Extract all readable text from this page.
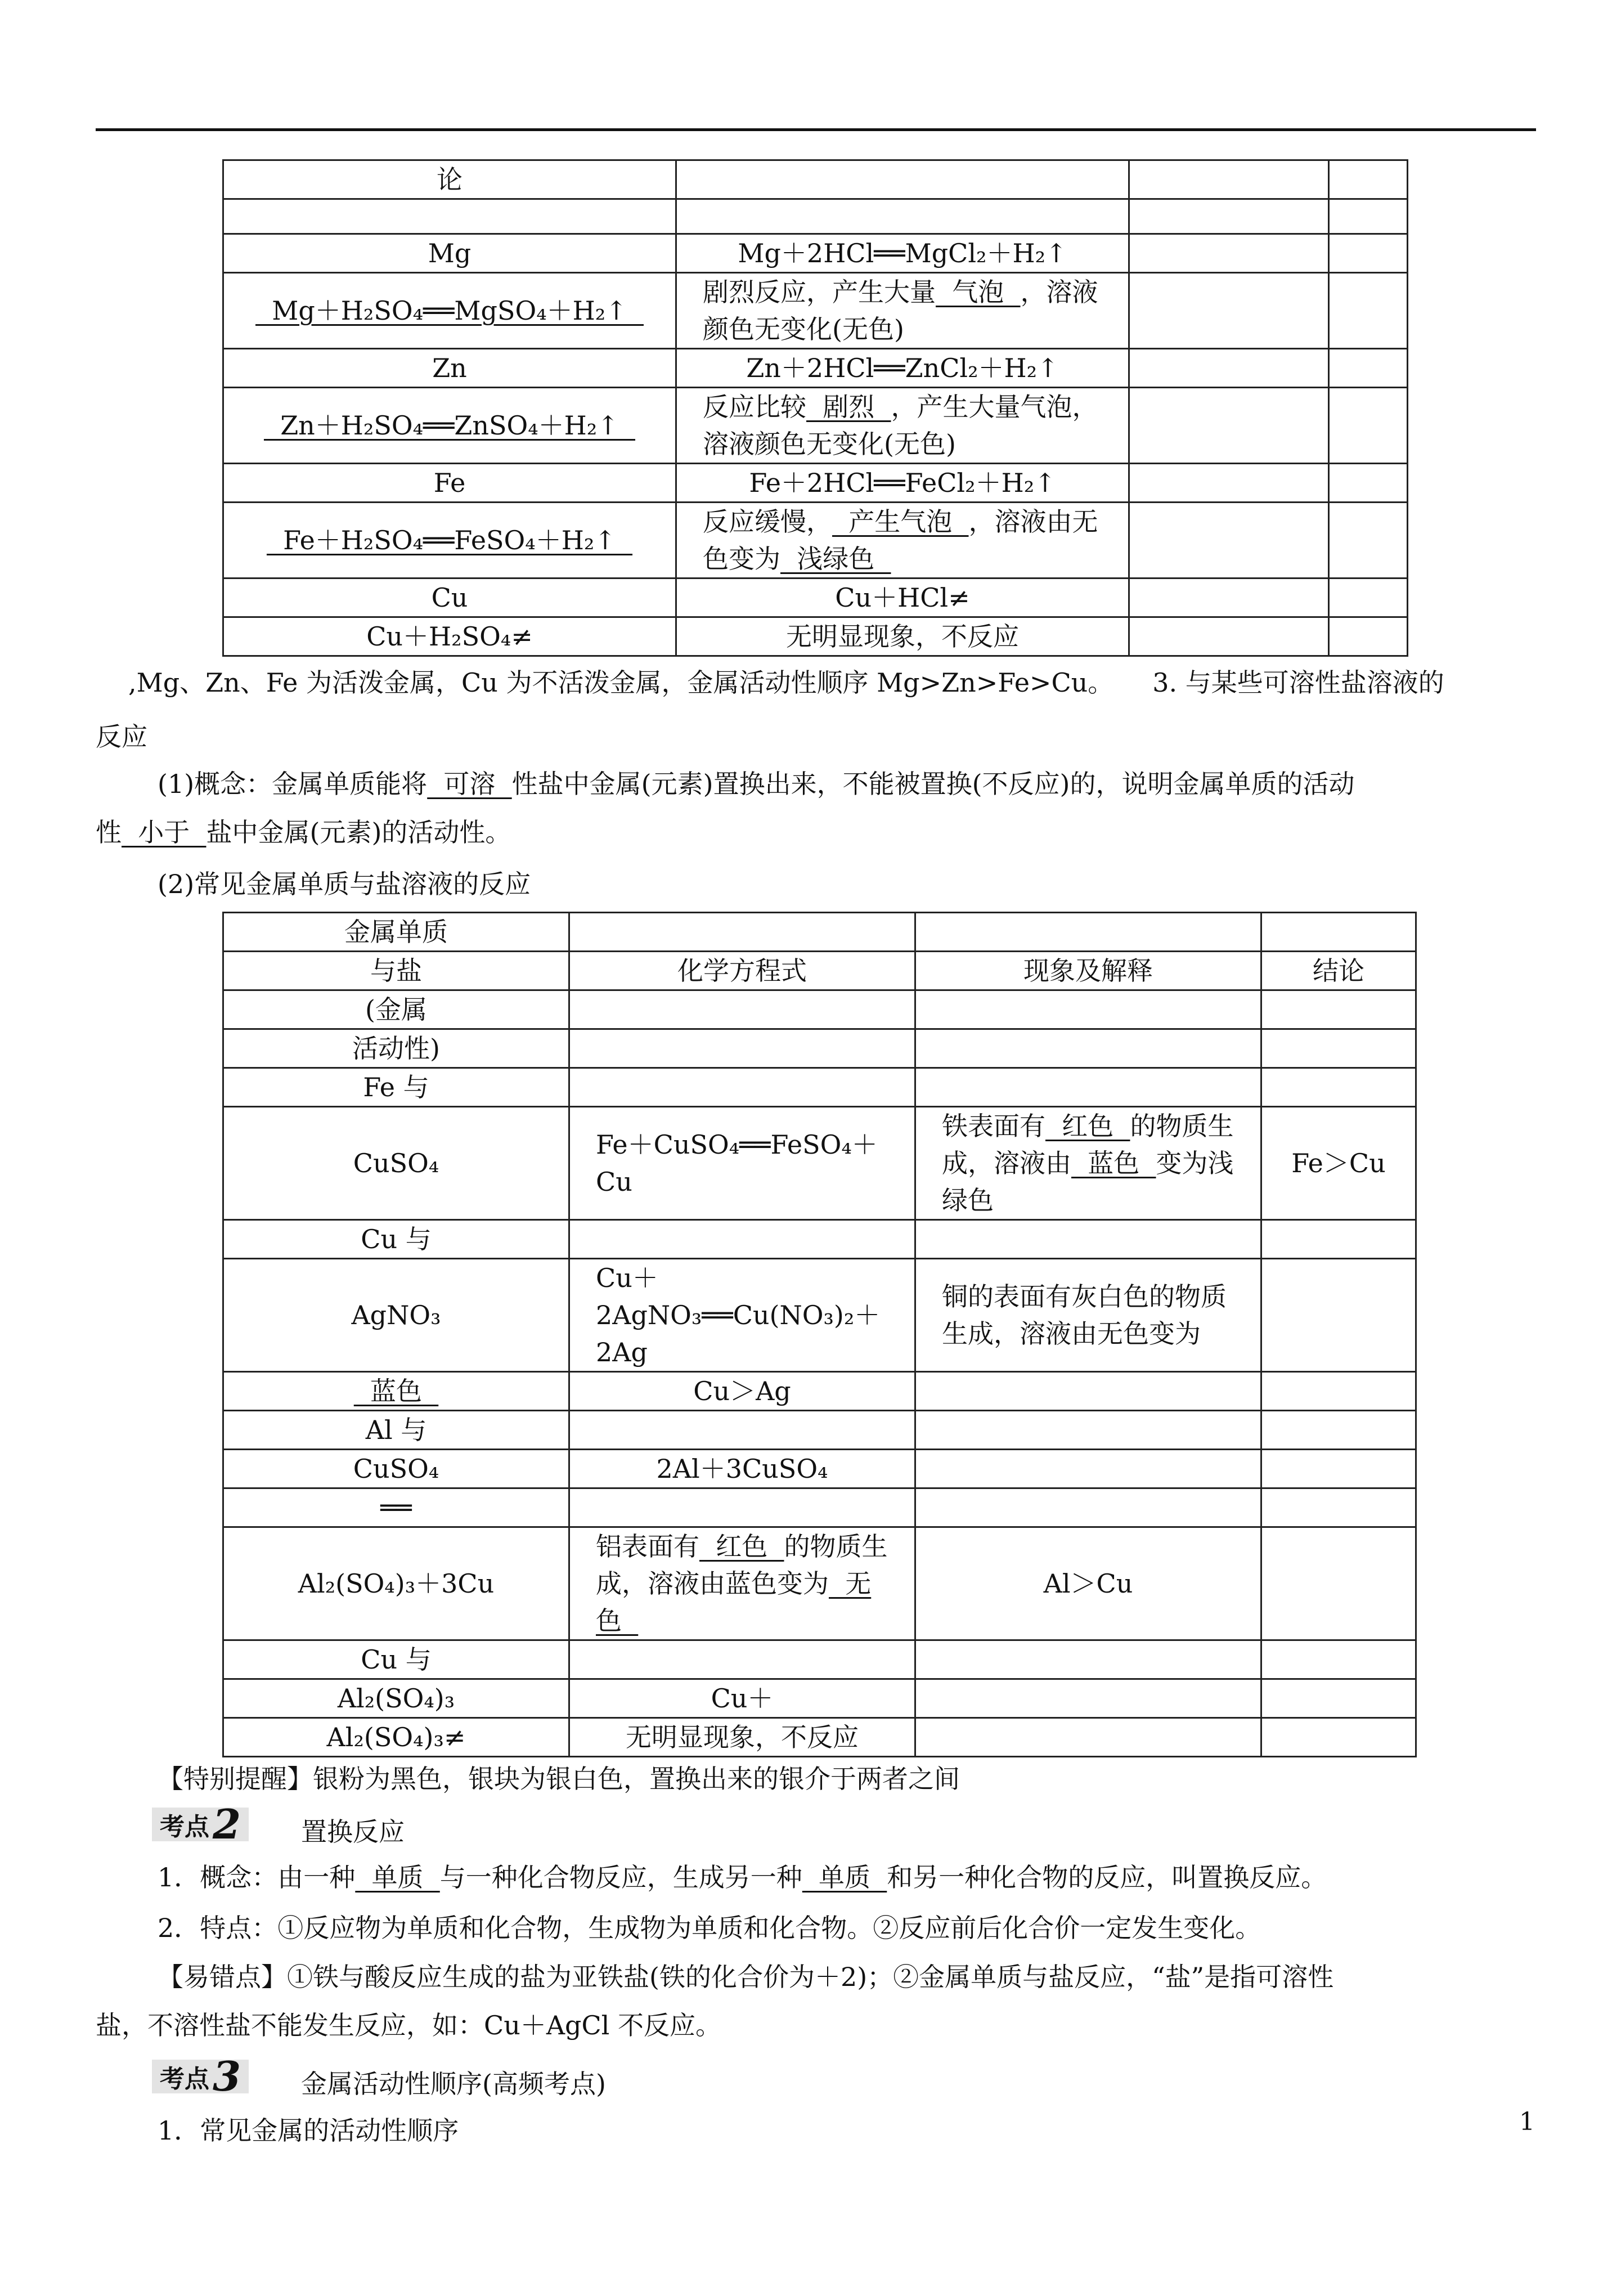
论			

Mg	Mg＋2HCl══MgCl₂＋H₂↑		
Mg＋H₂SO₄══MgSO₄＋H₂↑	剧烈反应，产生大量  气泡  ，溶液颜色无变化(无色)		
Zn	Zn＋2HCl══ZnCl₂＋H₂↑		
Zn＋H₂SO₄══ZnSO₄＋H₂↑	反应比较  剧烈  ，产生大量气泡，溶液颜色无变化(无色)		
Fe	Fe＋2HCl══FeCl₂＋H₂↑		
Fe＋H₂SO₄══FeSO₄＋H₂↑	反应缓慢，  产生气泡  ，溶液由无色变为  浅绿色		
Cu	Cu＋HCl≠		
Cu＋H₂SO₄≠	无明显现象，不反应		
,Mg、Zn、Fe 为活泼金属，Cu 为不活泼金属，金属活动性顺序 Mg>Zn>Fe>Cu。　　3. 与某些可溶性盐溶液的
反应
(1)概念：金属单质能将  可溶  性盐中金属(元素)置换出来，不能被置换(不反应)的，说明金属单质的活动
性  小于  盐中金属(元素)的活动性。
(2)常见金属单质与盐溶液的反应
金属单质			
与盐	化学方程式	现象及解释	结论
(金属			
活动性)			
Fe 与			
CuSO₄	Fe＋CuSO₄══FeSO₄＋Cu	铁表面有  红色  的物质生成，溶液由  蓝色  变为浅绿色	Fe＞Cu
Cu 与			
AgNO₃	Cu＋2AgNO₃══Cu(NO₃)₂＋2Ag	铜的表面有灰白色的物质生成，溶液由无色变为	
蓝色	Cu＞Ag		
Al 与			
CuSO₄	2Al＋3CuSO₄		
══			
Al₂(SO₄)₃＋3Cu	铝表面有  红色  的物质生成，溶液由蓝色变为  无色	Al＞Cu	
Cu 与			
Al₂(SO₄)₃	Cu＋		
Al₂(SO₄)₃≠	无明显现象，不反应		
【特别提醒】银粉为黑色，银块为银白色，置换出来的银介于两者之间
考点2	置换反应
1．概念：由一种  单质  与一种化合物反应，生成另一种  单质  和另一种化合物的反应，叫置换反应。
2．特点：①反应物为单质和化合物，生成物为单质和化合物。②反应前后化合价一定发生变化。
【易错点】①铁与酸反应生成的盐为亚铁盐(铁的化合价为＋2)；②金属单质与盐反应，“盐”是指可溶性
盐，不溶性盐不能发生反应，如：Cu＋AgCl 不反应。
考点3	金属活动性顺序(高频考点)
1．常见金属的活动性顺序	1
